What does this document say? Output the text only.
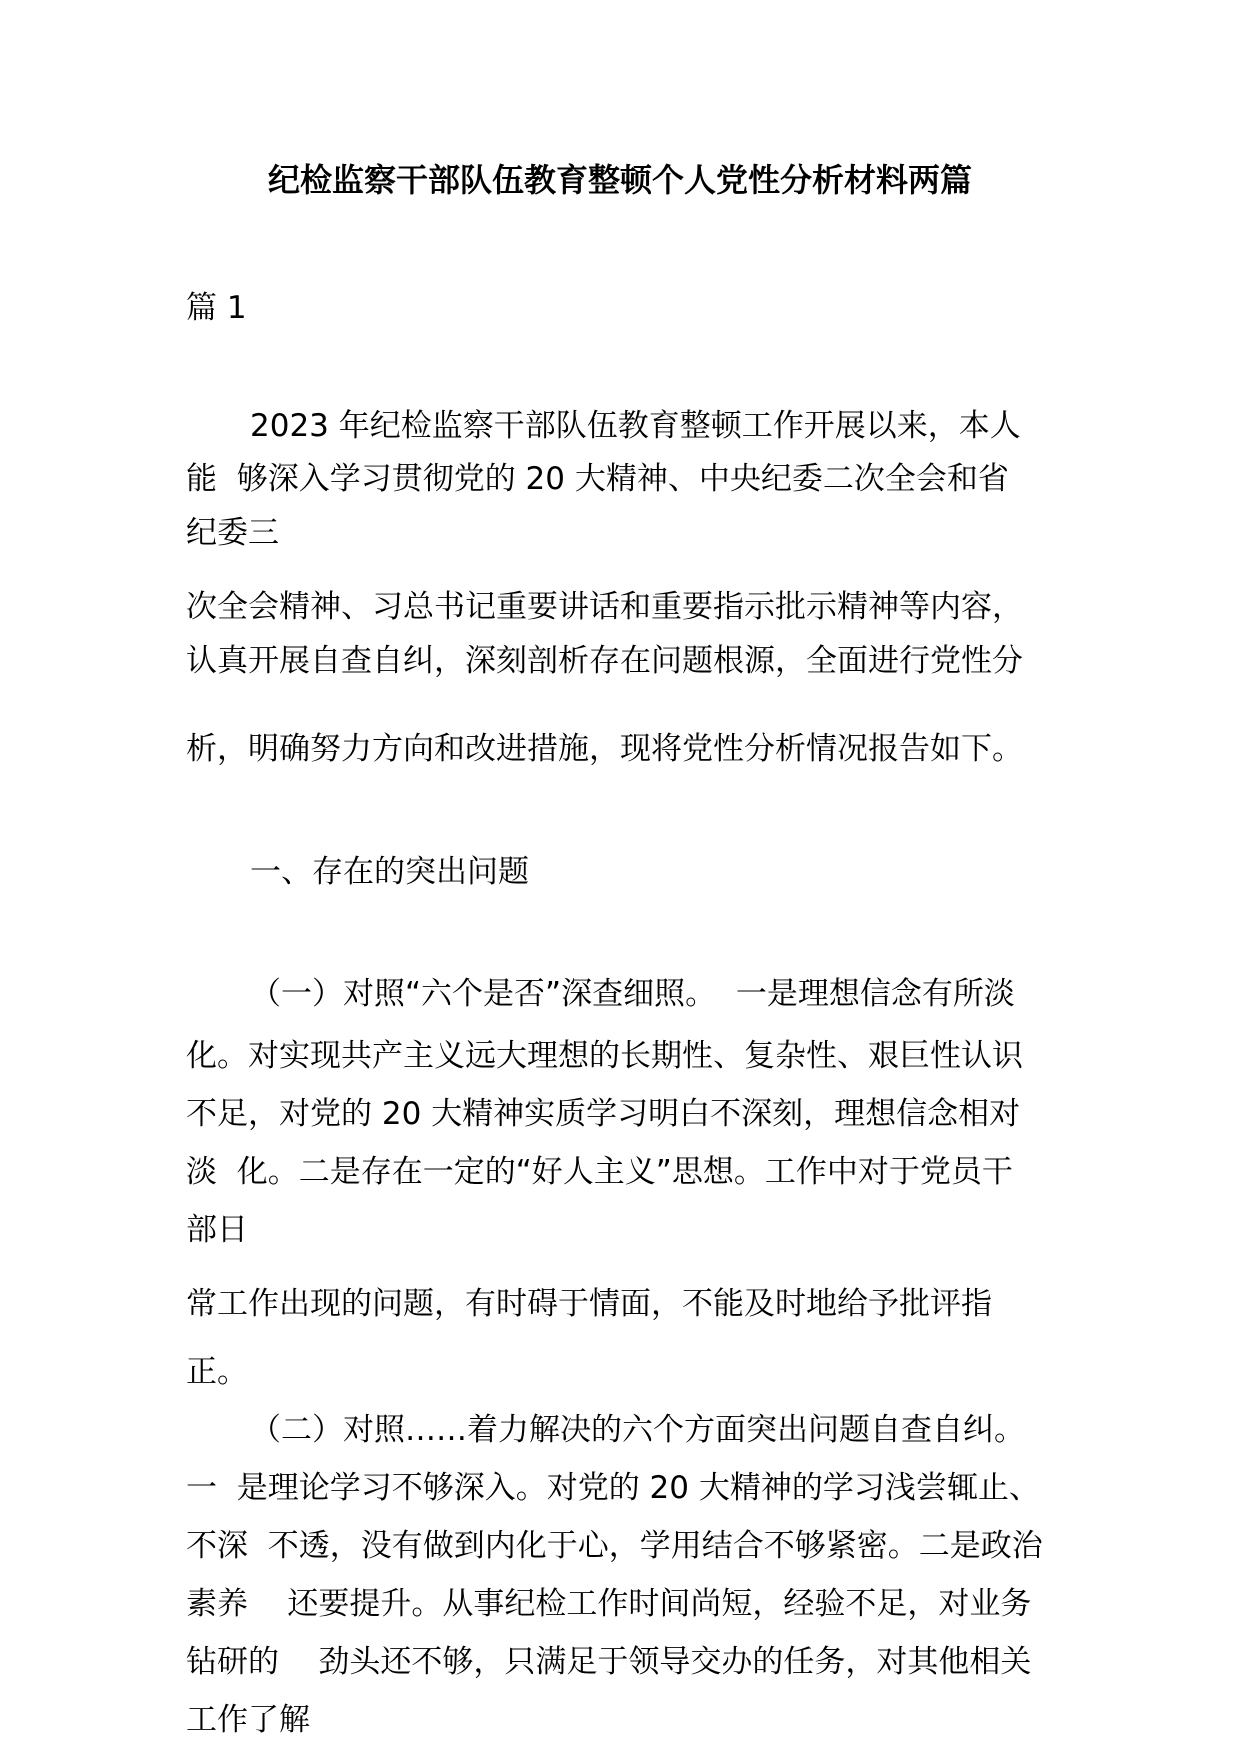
纪检监察干部队伍教育整顿个人党性分析材料两篇

篇 1

2023 年纪检监察干部队伍教育整顿工作开展以来，本人

能  够深入学习贯彻党的 20 大精神、中央纪委二次全会和省

纪委三

次全会精神、习总书记重要讲话和重要指示批示精神等内容，

认真开展自查自纠，深刻剖析存在问题根源，全面进行党性分

析，明确努力方向和改进措施，现将党性分析情况报告如下。

一、存在的突出问题

（一）对照“六个是否”深查细照。  一是理想信念有所淡

化。对实现共产主义远大理想的长期性、复杂性、艰巨性认识

不足，对党的 20 大精神实质学习明白不深刻，理想信念相对

淡  化。二是存在一定的“好人主义”思想。工作中对于党员干

部日

常工作出现的问题，有时碍于情面，不能及时地给予批评指

正。

（二）对照……着力解决的六个方面突出问题自查自纠。

一  是理论学习不够深入。对党的 20 大精神的学习浅尝辄止、

不深  不透，没有做到内化于心，学用结合不够紧密。二是政治

素养    还要提升。从事纪检工作时间尚短，经验不足，对业务

钻研的    劲头还不够，只满足于领导交办的任务，对其他相关

工作了解
